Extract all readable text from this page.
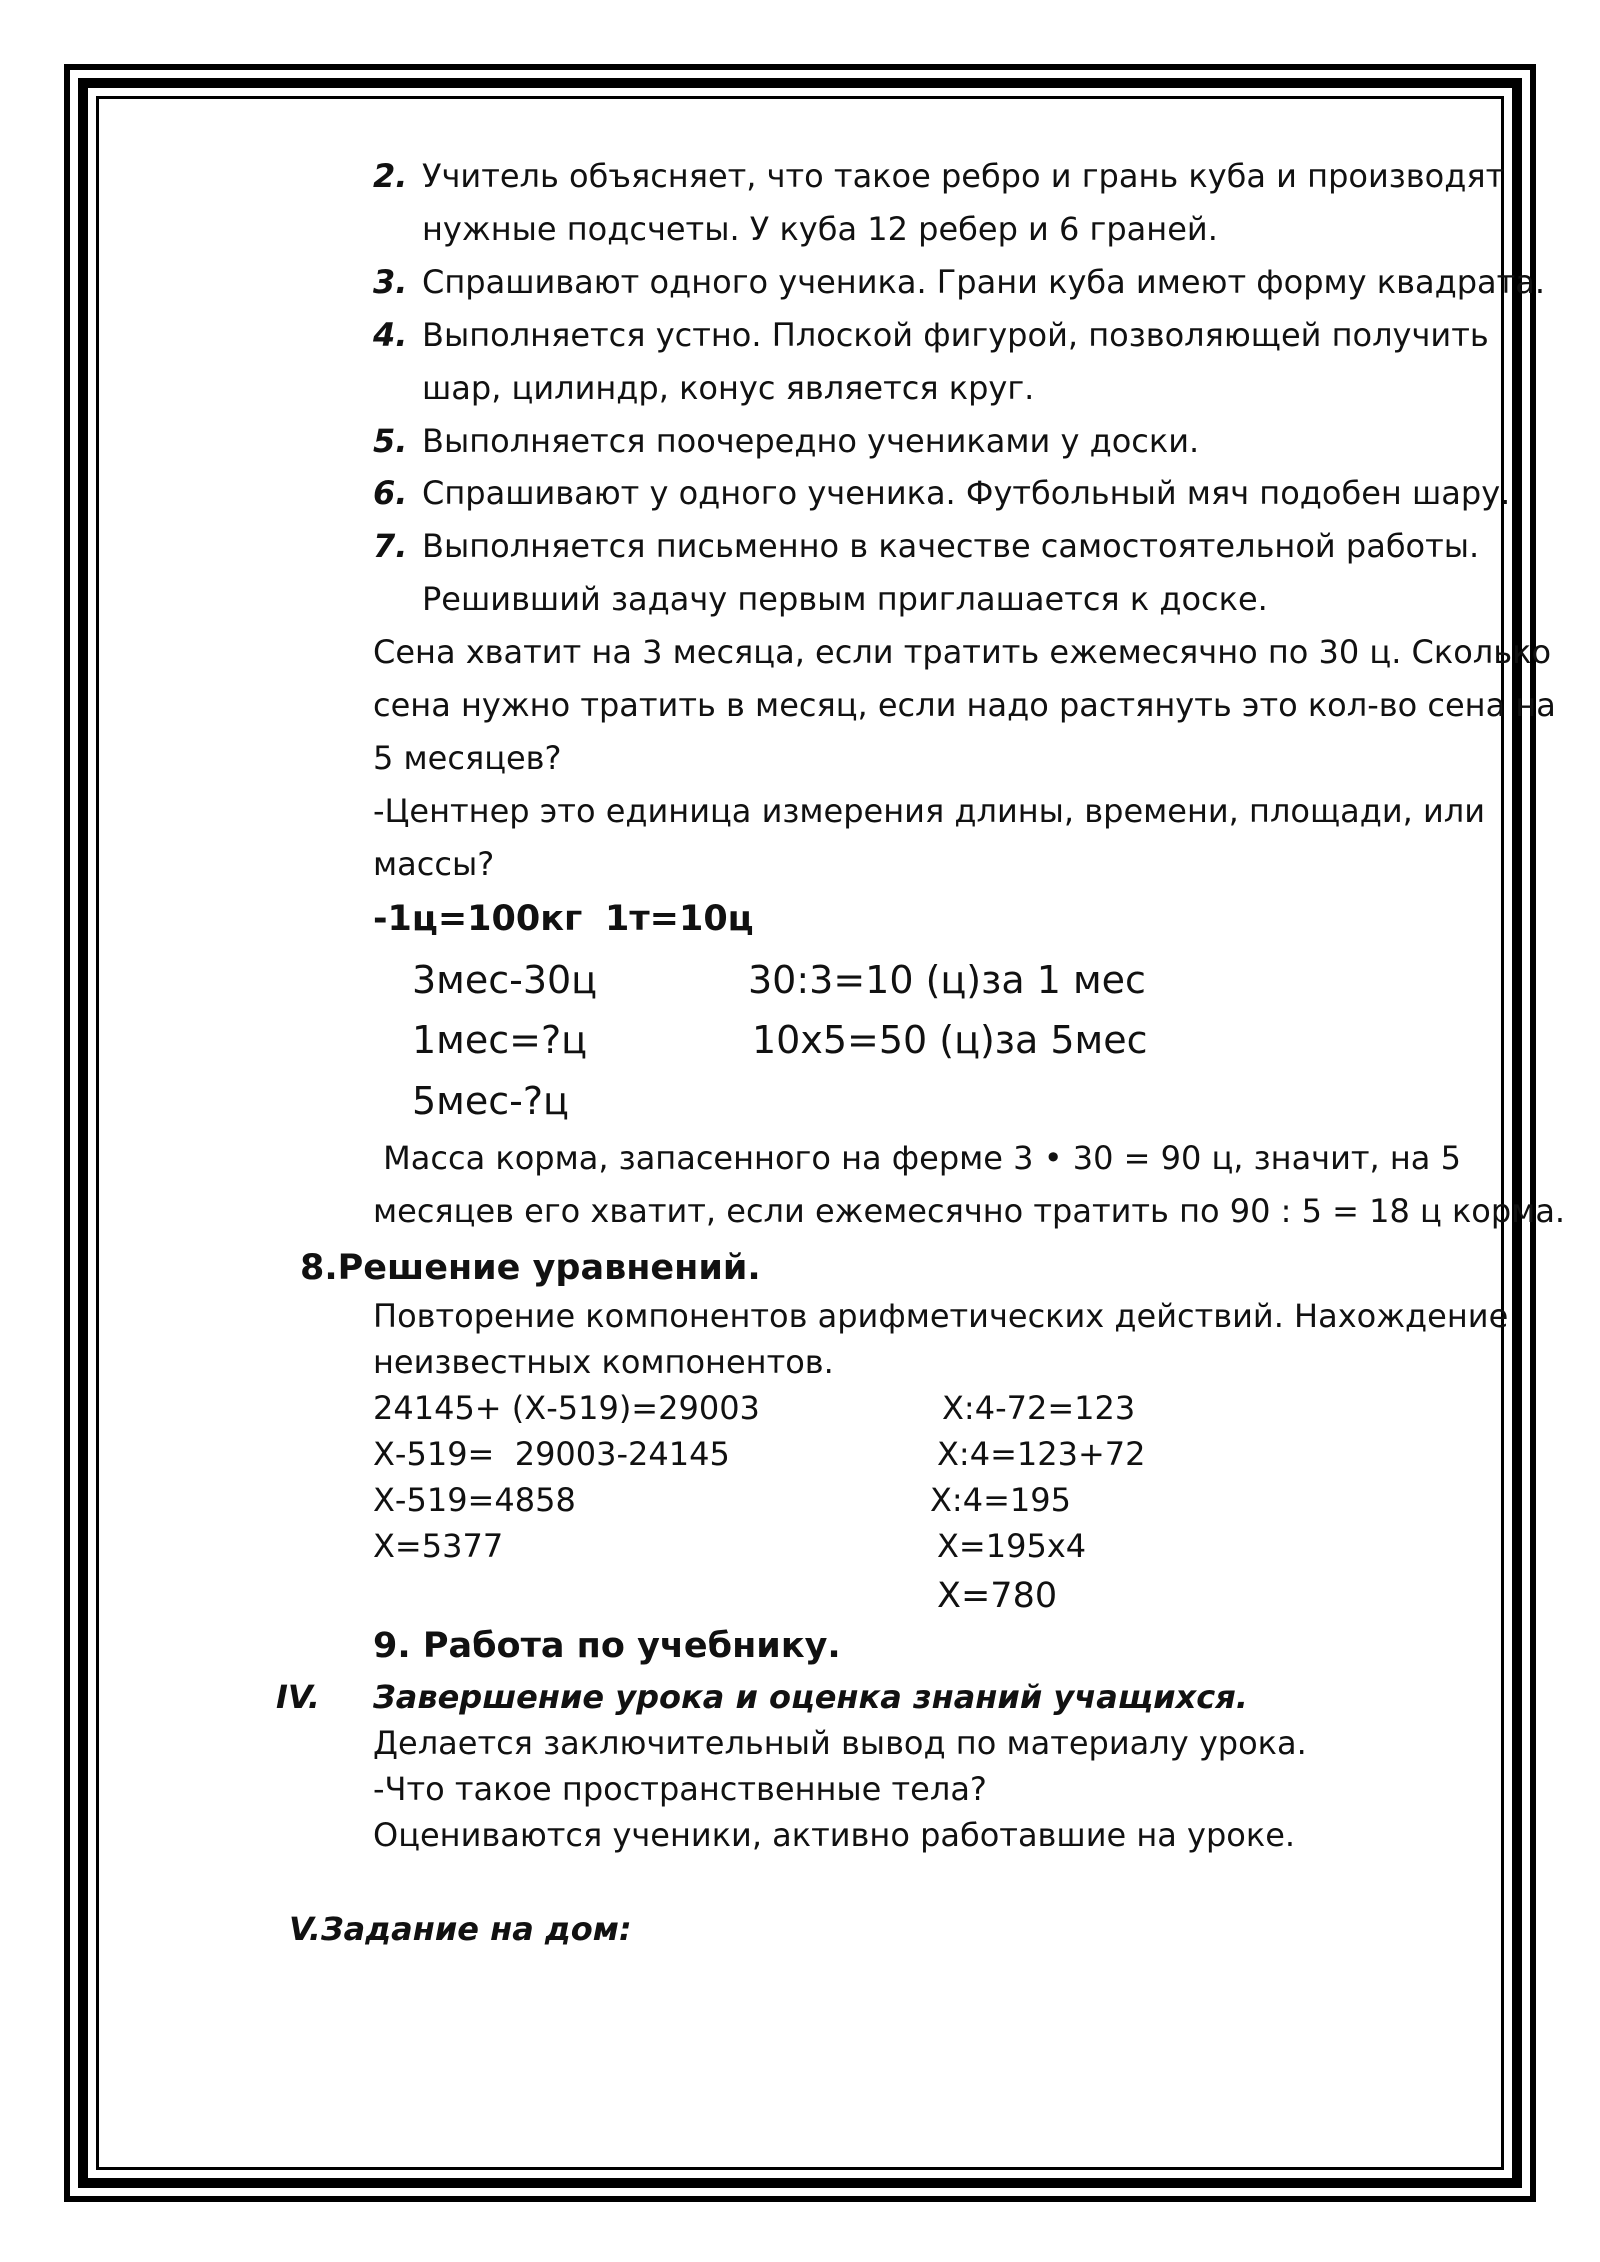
2. Учитель объясняет, что такое ребро и грань куба и производят
нужные подсчеты. У куба 12 ребер и 6 граней.
3. Спрашивают одного ученика. Грани куба имеют форму квадрата.
4. Выполняется устно. Плоской фигурой, позволяющей получить
шар, цилиндр, конус является круг.
5. Выполняется поочередно учениками у доски.
6. Спрашивают у одного ученика. Футбольный мяч подобен шару.
7. Выполняется письменно в качестве самостоятельной работы.
Решивший задачу первым приглашается к доске.
Сена хватит на 3 месяца, если тратить ежемесячно по 30 ц. Сколько
сена нужно тратить в месяц, если надо растянуть это кол-во сена на
5 месяцев?
-Центнер это единица измерения длины, времени, площади, или
массы?
-1ц=100кг 1т=10ц
3мес-30ц	30:3=10 (ц)за 1 мес
1мес=?ц	10х5=50 (ц)за 5мес
5мес-?ц
Масса корма, запасенного на ферме 3 • 30 = 90 ц, значит, на 5
месяцев его хватит, если ежемесячно тратить по 90 : 5 = 18 ц корма.
8.Решение уравнений.
Повторение компонентов арифметических действий. Нахождение
неизвестных компонентов.
24145+ (Х-519)=29003
Х-519=  29003-24145
Х-519=4858
Х=5377
Х:4-72=123
Х:4=123+72
Х:4=195
Х=195х4
Х=780
9. Работа по учебнику.
IV. Завершение урока и оценка знаний учащихся.
Делается заключительный вывод по материалу урока.
-Что такое пространственные тела?
Оцениваются ученики, активно работавшие на уроке.
V.Задание на дом:
